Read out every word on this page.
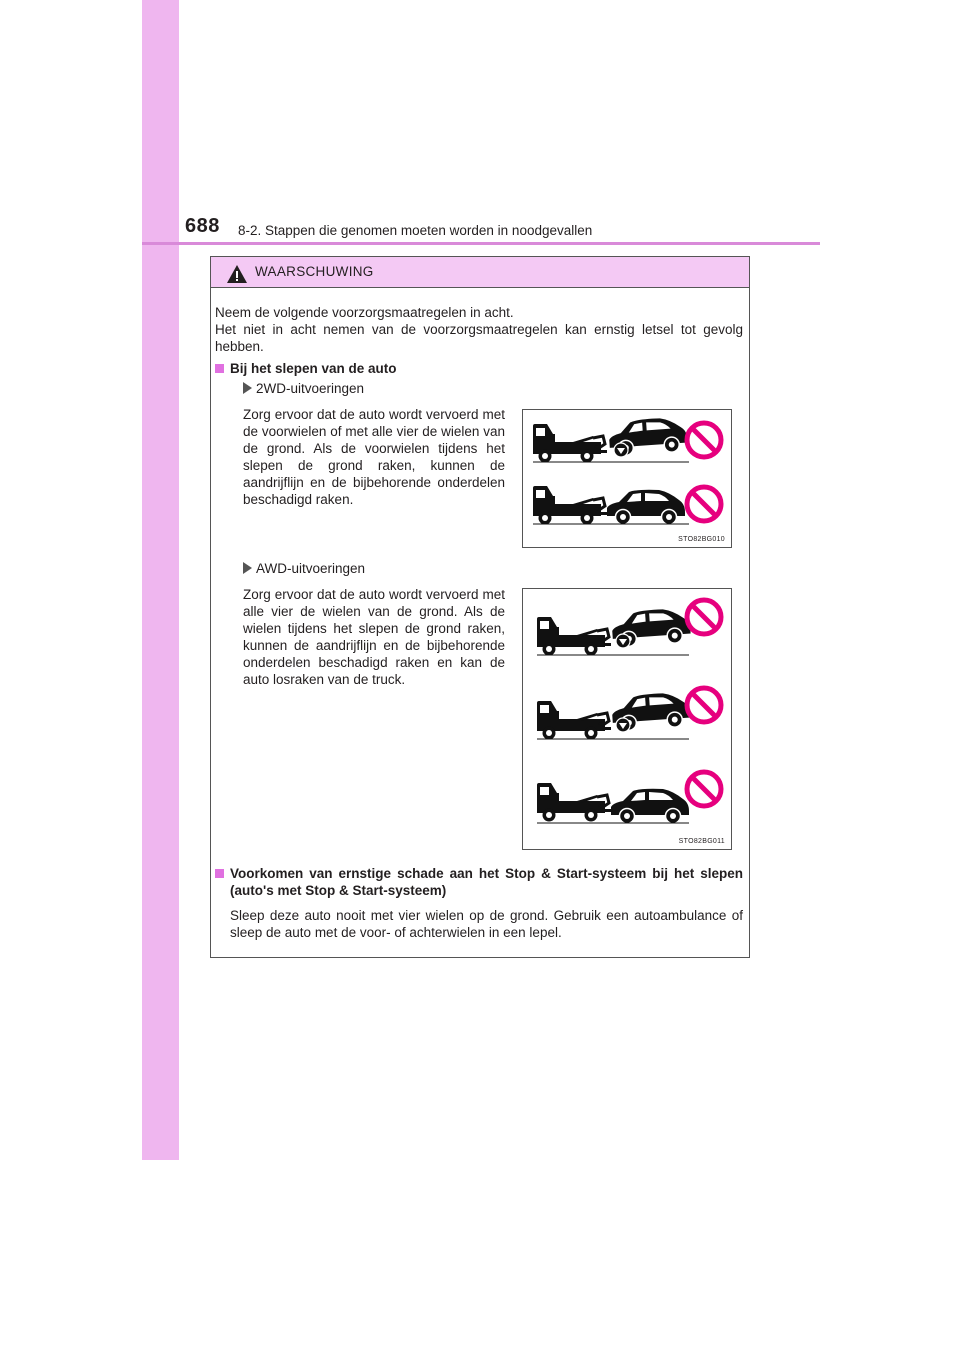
688 8-2. Stappen die genomen moeten worden in noodgevallen
WAARSCHUWING
Neem de volgende voorzorgsmaatregelen in acht.
Het niet in acht nemen van de voorzorgsmaatregelen kan ernstig letsel tot gevolg hebben.
Bij het slepen van de auto
2WD-uitvoeringen
Zorg ervoor dat de auto wordt vervoerd met de voorwielen of met alle vier de wielen van de grond. Als de voorwielen tijdens het slepen de grond raken, kunnen de aandrijflijn en de bijbehorende onderdelen beschadigd raken.
AWD-uitvoeringen
Zorg ervoor dat de auto wordt vervoerd met alle vier de wielen van de grond. Als de wielen tijdens het slepen de grond raken, kunnen de aandrijflijn en de bijbehorende onderdelen beschadigd raken en kan de auto losraken van de truck.
Voorkomen van ernstige schade aan het Stop & Start-systeem bij het slepen (auto's met Stop & Start-systeem)
Sleep deze auto nooit met vier wielen op de grond. Gebruik een autoambulance of sleep de auto met de voor- of achterwielen in een lepel.
STO82BG010
STO82BG011
